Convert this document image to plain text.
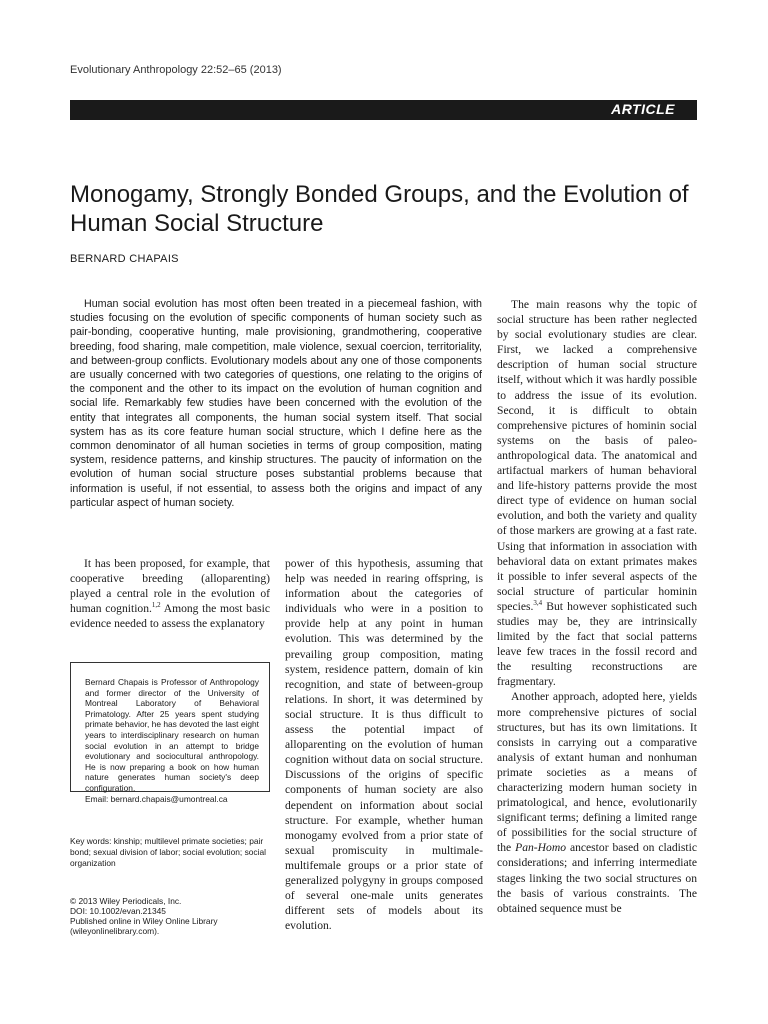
Evolutionary Anthropology 22:52–65 (2013)
ARTICLE
Monogamy, Strongly Bonded Groups, and the Evolution of Human Social Structure
BERNARD CHAPAIS

Human social evolution has most often been treated in a piecemeal fashion, with studies focusing on the evolution of specific components of human society such as pair-bonding, cooperative hunting, male provisioning, grandmothering, cooperative breeding, food sharing, male competition, male violence, sexual coercion, territoriality, and between-group conflicts. Evolutionary models about any one of those components are usually concerned with two categories of questions, one relating to the origins of the component and the other to its impact on the evolution of human cognition and social life. Remarkably few studies have been concerned with the evolution of the entity that integrates all components, the human social system itself. That social system has as its core feature human social structure, which I define here as the common denominator of all human societies in terms of group composition, mating system, residence patterns, and kinship structures. The paucity of information on the evolution of human social structure poses substantial problems because that information is useful, if not essential, to assess both the origins and impact of any particular aspect of human society.

It has been proposed, for example, that cooperative breeding (alloparenting) played a central role in the evolution of human cognition.$^{1,2}$ Among the most basic evidence needed to assess the explanatory

Bernard Chapais is Professor of Anthropology and former director of the University of Montreal Laboratory of Behavioral Primatology. After 25 years spent studying primate behavior, he has devoted the last eight years to interdisciplinary research on human social evolution in an attempt to bridge evolutionary and sociocultural anthropology. He is now preparing a book on how human nature generates human society's deep configuration.
Email: bernard.chapais@umontreal.ca
Key words: kinship; multilevel primate societies; pair bond; sexual division of labor; social evolution; social organization
© 2013 Wiley Periodicals, Inc.
DOI: 10.1002/evan.21345
Published online in Wiley Online Library
(wileyonlinelibrary.com).

power of this hypothesis, assuming that help was needed in rearing offspring, is information about the categories of individuals who were in a position to provide help at any point in human evolution. This was determined by the prevailing group composition, mating system, residence pattern, domain of kin recognition, and state of between-group relations. In short, it was determined by social structure. It is thus difficult to assess the potential impact of alloparenting on the evolution of human cognition without data on social structure. Discussions of the origins of specific components of human society are also dependent on information about social structure. For example, whether human monogamy evolved from a prior state of sexual promiscuity in multimale-multifemale groups or a prior state of generalized polygyny in groups composed of several one-male units generates different sets of models about its evolution.

The main reasons why the topic of social structure has been rather neglected by social evolutionary studies are clear. First, we lacked a comprehensive description of human social structure itself, without which it was hardly possible to address the issue of its evolution. Second, it is difficult to obtain comprehensive pictures of hominin social systems on the basis of paleo-anthropological data. The anatomical and artifactual markers of human behavioral and life-history patterns provide the most direct type of evidence on human social evolution, and both the variety and quality of those markers are growing at a fast rate. Using that information in association with behavioral data on extant primates makes it possible to infer several aspects of the social structure of particular hominin species.$^{3,4}$ But however sophisticated such studies may be, they are intrinsically limited by the fact that social patterns leave few traces in the fossil record and the resulting reconstructions are fragmentary.

Another approach, adopted here, yields more comprehensive pictures of social structures, but has its own limitations. It consists in carrying out a comparative analysis of extant human and nonhuman primate societies as a means of characterizing modern human society in primatological, and hence, evolutionarily significant terms; defining a limited range of possibilities for the social structure of the Pan-Homo ancestor based on cladistic considerations; and inferring intermediate stages linking the two social structures on the basis of various constraints. The obtained sequence must be
